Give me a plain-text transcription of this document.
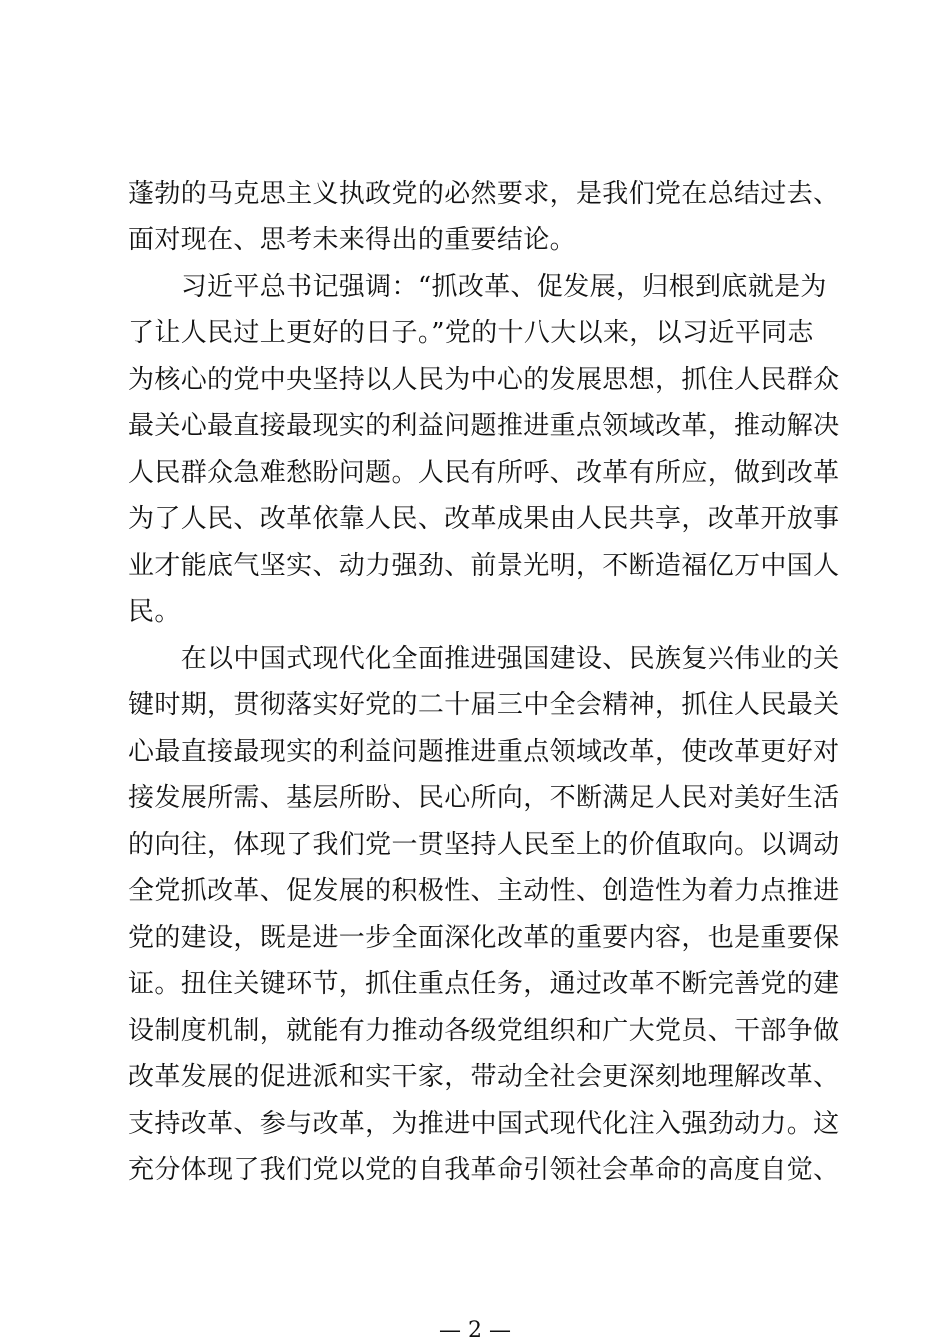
蓬勃的马克思主义执政党的必然要求，是我们党在总结过去、
面对现在、思考未来得出的重要结论。
　　习近平总书记强调：“抓改革、促发展，归根到底就是为
了让人民过上更好的日子。”党的十八大以来，以习近平同志
为核心的党中央坚持以人民为中心的发展思想，抓住人民群众
最关心最直接最现实的利益问题推进重点领域改革，推动解决
人民群众急难愁盼问题。人民有所呼、改革有所应，做到改革
为了人民、改革依靠人民、改革成果由人民共享，改革开放事
业才能底气坚实、动力强劲、前景光明，不断造福亿万中国人
民。
　　在以中国式现代化全面推进强国建设、民族复兴伟业的关
键时期，贯彻落实好党的二十届三中全会精神，抓住人民最关
心最直接最现实的利益问题推进重点领域改革，使改革更好对
接发展所需、基层所盼、民心所向，不断满足人民对美好生活
的向往，体现了我们党一贯坚持人民至上的价值取向。以调动
全党抓改革、促发展的积极性、主动性、创造性为着力点推进
党的建设，既是进一步全面深化改革的重要内容，也是重要保
证。扭住关键环节，抓住重点任务，通过改革不断完善党的建
设制度机制，就能有力推动各级党组织和广大党员、干部争做
改革发展的促进派和实干家，带动全社会更深刻地理解改革、
支持改革、参与改革，为推进中国式现代化注入强劲动力。这
充分体现了我们党以党的自我革命引领社会革命的高度自觉、
— 2 —
